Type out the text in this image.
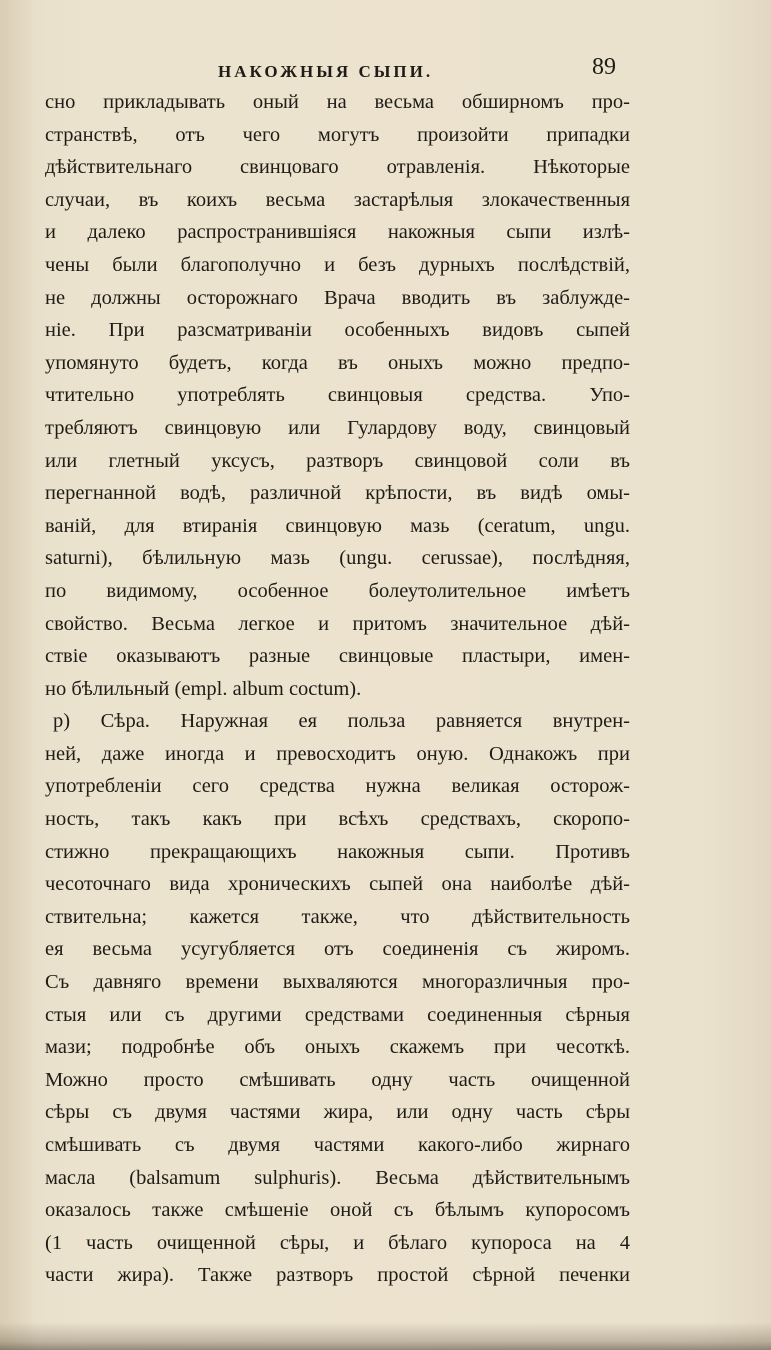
НАКОЖНЫЯ СЫПИ.	89
сно прикладывать оный на весьма обширномъ про-
странствѣ, отъ чего могутъ произойти припадки
дѣйствительнаго свинцоваго отравленія. Нѣкоторые
случаи, въ коихъ весьма застарѣлыя злокачественныя
и далеко распространившіяся накожныя сыпи излѣ-
чены были благополучно и безъ дурныхъ послѣдствій,
не должны осторожнаго Врача вводить въ заблужде-
ніе. При разсматриваніи особенныхъ видовъ сыпей
упомянуто будетъ, когда въ оныхъ можно предпо-
чтительно употреблять свинцовыя средства. Упо-
требляютъ свинцовую или Гулардову воду, свинцовый
или глетный уксусъ, разтворъ свинцовой соли въ
перегнанной водѣ, различной крѣпости, въ видѣ омы-
ваній, для втиранія свинцовую мазь (ceratum, ungu.
saturni), бѣлильную мазь (ungu. cerussae), послѣдняя,
по видимому, особенное болеутолительное имѣетъ
свойство. Весьма легкое и притомъ значительное дѣй-
ствіе оказываютъ разные свинцовые пластыри, имен-
но бѣлильный (empl. album coctum).
р) Сѣра. Наружная ея польза равняется внутрен-
ней, даже иногда и превосходитъ оную. Однакожъ при
употребленіи сего средства нужна великая осторож-
ность, такъ какъ при всѣхъ средствахъ, скоропо-
стижно прекращающихъ накожныя сыпи. Противъ
чесоточнаго вида хроническихъ сыпей она наиболѣе дѣй-
ствительна; кажется также, что дѣйствительность
ея весьма усугубляется отъ соединенія съ жиромъ.
Съ давняго времени выхваляются многоразличныя про-
стыя или съ другими средствами соединенныя сѣрныя
мази; подробнѣе объ оныхъ скажемъ при чесоткѣ.
Можно просто смѣшивать одну часть очищенной
сѣры съ двумя частями жира, или одну часть сѣры
смѣшивать съ двумя частями какого-либо жирнаго
масла (balsamum sulphuris). Весьма дѣйствительнымъ
оказалось также смѣшеніе оной съ бѣлымъ купоросомъ
(1 часть очищенной сѣры, и бѣлаго купороса на 4
части жира). Также разтворъ простой сѣрной печенки
